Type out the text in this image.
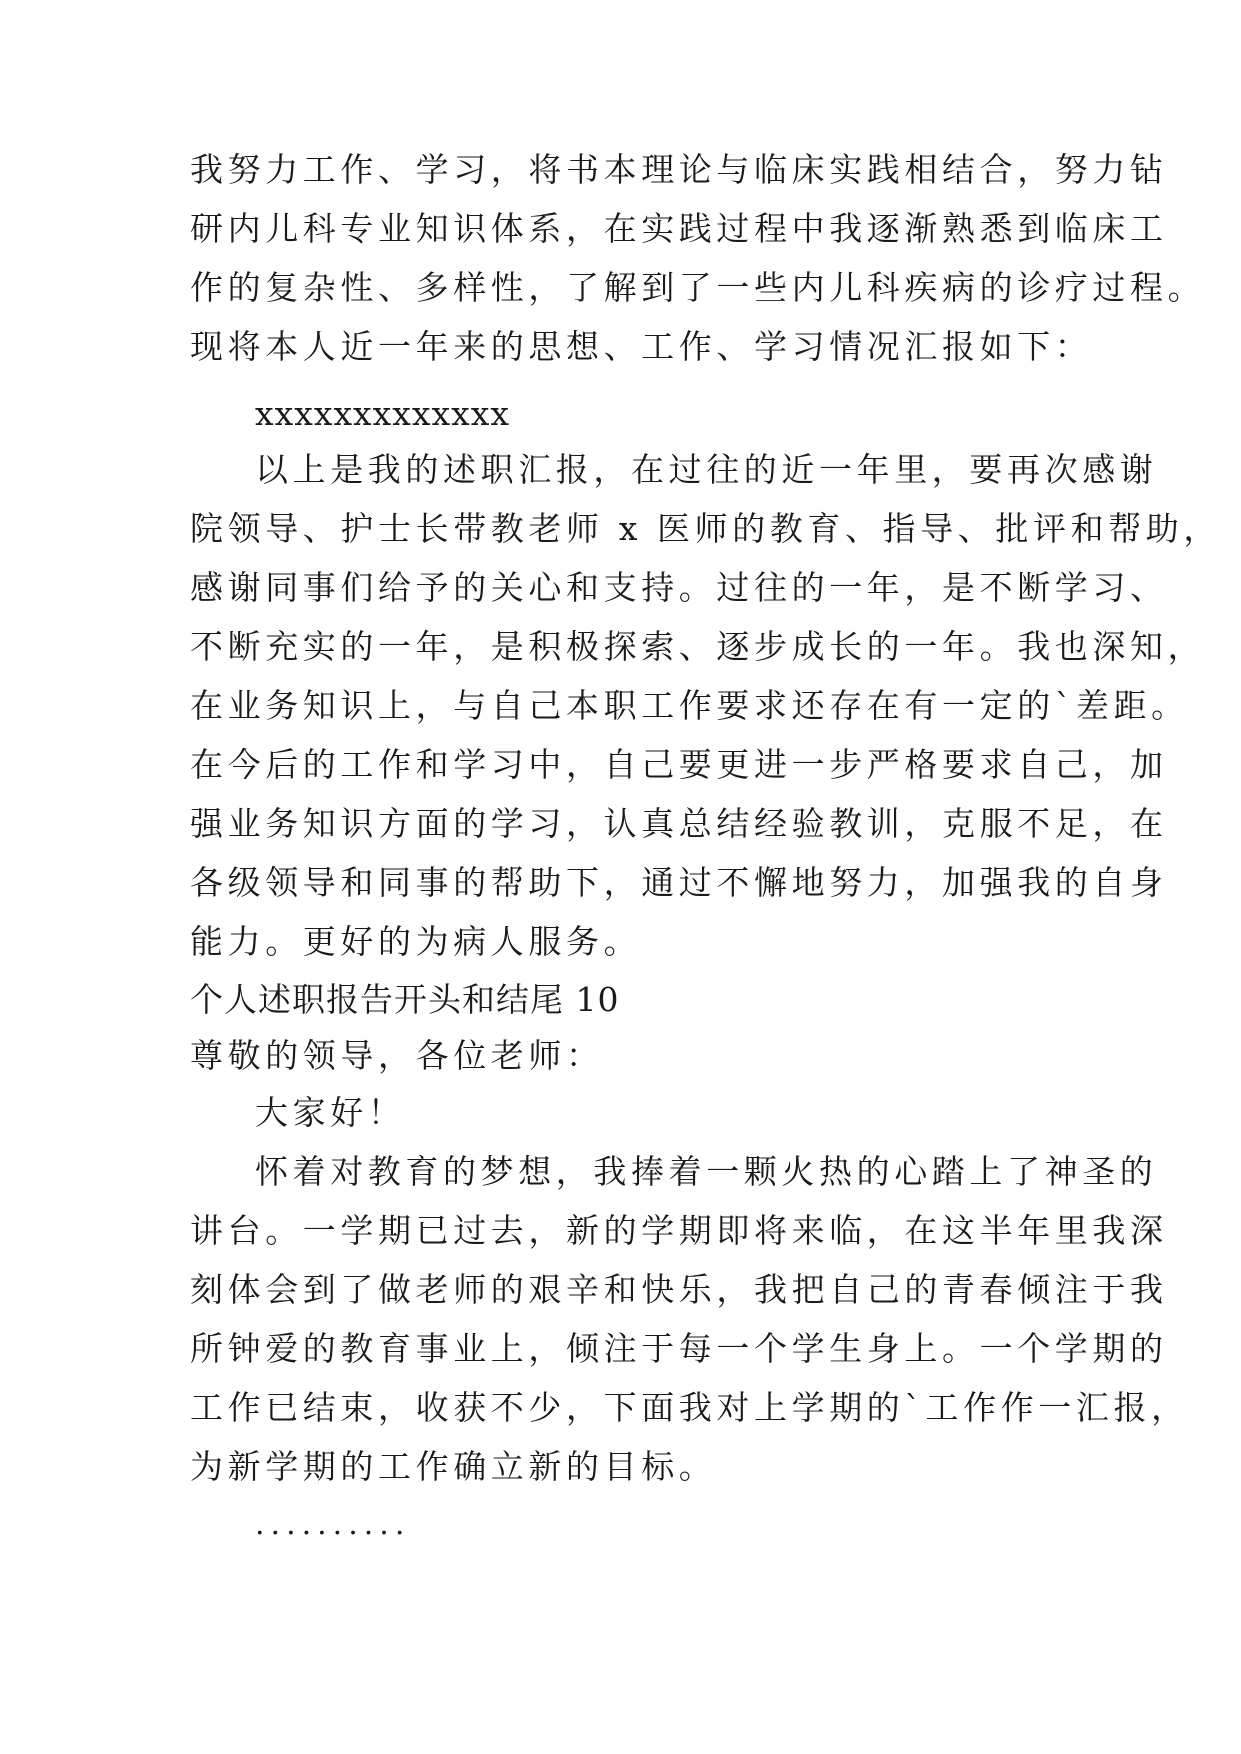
我努力工作、学习，将书本理论与临床实践相结合，努力钻
研内儿科专业知识体系，在实践过程中我逐渐熟悉到临床工
作的复杂性、多样性，了解到了一些内儿科疾病的诊疗过程。
现将本人近一年来的思想、工作、学习情况汇报如下：
xxxxxxxxxxxxx
以上是我的述职汇报，在过往的近一年里，要再次感谢
院领导、护士长带教老师 x 医师的教育、指导、批评和帮助，
感谢同事们给予的关心和支持。过往的一年，是不断学习、
不断充实的一年，是积极探索、逐步成长的一年。我也深知，
在业务知识上，与自己本职工作要求还存在有一定的`差距。
在今后的工作和学习中，自己要更进一步严格要求自己，加
强业务知识方面的学习，认真总结经验教训，克服不足，在
各级领导和同事的帮助下，通过不懈地努力，加强我的自身
能力。更好的为病人服务。
个人述职报告开头和结尾 10
尊敬的领导，各位老师：
大家好！
怀着对教育的梦想，我捧着一颗火热的心踏上了神圣的
讲台。一学期已过去，新的学期即将来临，在这半年里我深
刻体会到了做老师的艰辛和快乐，我把自己的青春倾注于我
所钟爱的教育事业上，倾注于每一个学生身上。一个学期的
工作已结束，收获不少，下面我对上学期的`工作作一汇报，
为新学期的工作确立新的目标。
..........
